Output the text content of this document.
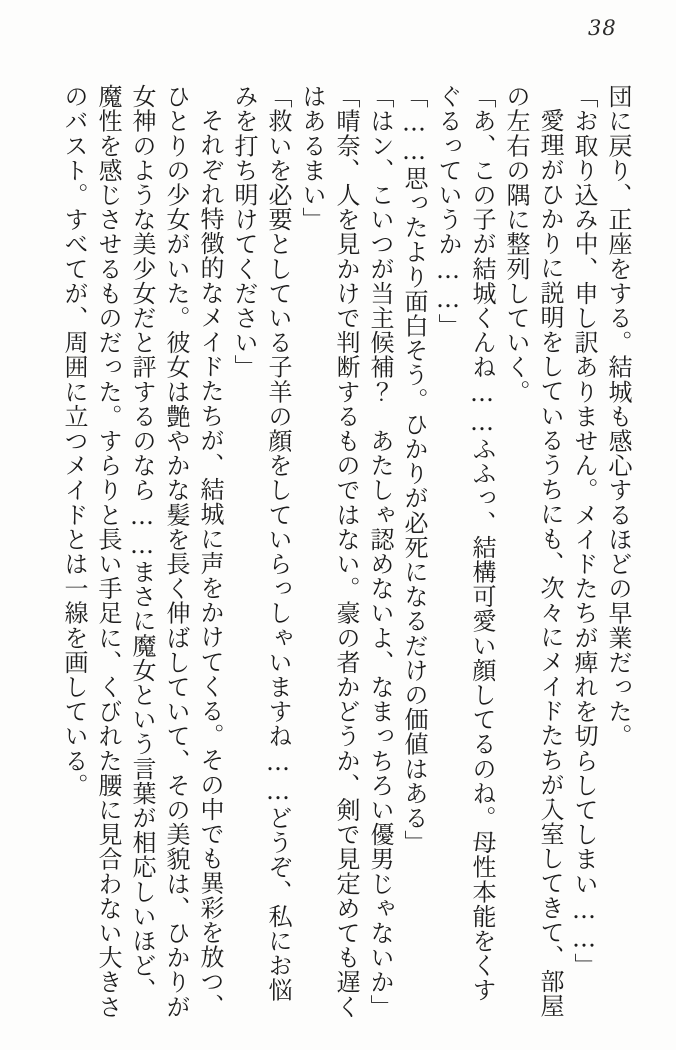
38

団に戻り、正座をする。結城も感心するほどの早業だった。

「お取り込み中、申し訳ありません。メイドたちが痺れを切らしてしまい……」

愛理がひかりに説明をしているうちにも、次々にメイドたちが入室してきて、部屋の左右の隅に整列していく。

「あ、この子が結城くんね……ふふっ、結構可愛い顔してるのね。母性本能をくすぐるっていうか……」

「……思ったより面白そう。ひかりが必死になるだけの価値はある」

「はン、こいつが当主候補？　あたしゃ認めないよ、なまっちろい優男じゃないか」

「晴奈、人を見かけで判断するものではない。豪の者かどうか、剣で見定めても遅くはあるまい」

「救いを必要としている子羊の顔をしていらっしゃいますね……どうぞ、私にお悩みを打ち明けてください」

それぞれ特徴的なメイドたちが、結城に声をかけてくる。その中でも異彩を放つ、ひとりの少女がいた。彼女は艶やかな髪を長く伸ばしていて、その美貌は、ひかりが女神のような美少女だと評するのなら……まさに魔女という言葉が相応しいほど、魔性を感じさせるものだった。すらりと長い手足に、くびれた腰に見合わない大きさのバスト。すべてが、周囲に立つメイドとは一線を画している。
